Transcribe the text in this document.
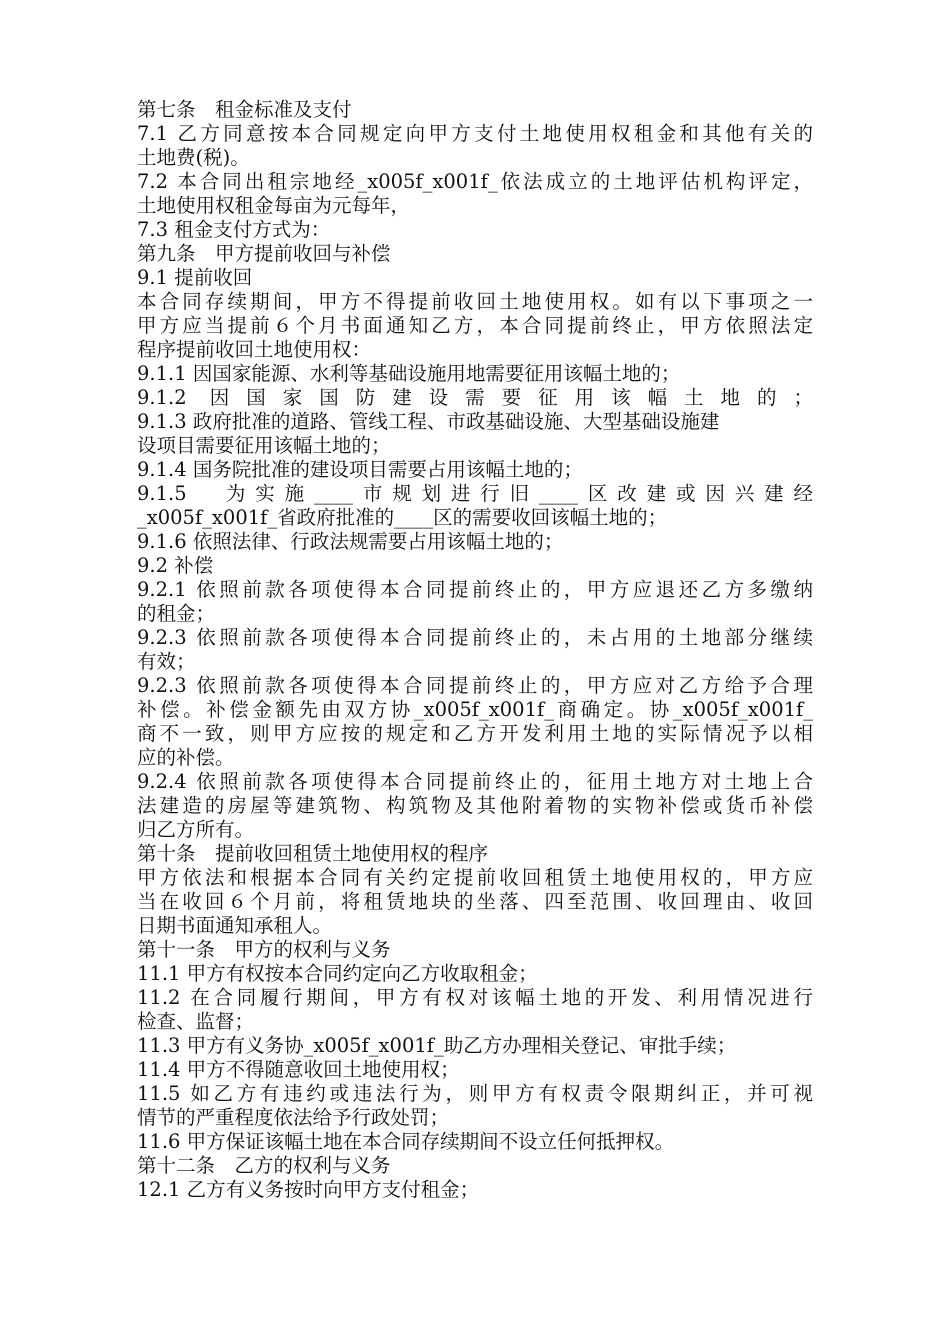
第七条　租金标准及支付
7.1 乙方同意按本合同规定向甲方支付土地使用权租金和其他有关的
土地费(税)。
7.2 本合同出租宗地经_x005f_x001f_依法成立的土地评估机构评定，
土地使用权租金每亩为元每年，
7.3 租金支付方式为：
第九条　甲方提前收回与补偿
9.1 提前收回
本合同存续期间，甲方不得提前收回土地使用权。如有以下事项之一
甲方应当提前６个月书面通知乙方，本合同提前终止，甲方依照法定
程序提前收回土地使用权：
9.1.1 因国家能源、水利等基础设施用地需要征用该幅土地的；
9.1.2 因国家国防建设需要征用该幅土地的；
9.1.3 政府批准的道路、管线工程、市政基础设施、大型基础设施建
设项目需要征用该幅土地的；
9.1.4 国务院批准的建设项目需要占用该幅土地的；
9.1.5　为实施____市规划进行旧____区改建或因兴建经
_x005f_x001f_省政府批准的____区的需要收回该幅土地的；
9.1.6 依照法律、行政法规需要占用该幅土地的；
9.2 补偿
9.2.1 依照前款各项使得本合同提前终止的，甲方应退还乙方多缴纳
的租金；
9.2.3 依照前款各项使得本合同提前终止的，未占用的土地部分继续
有效；
9.2.3 依照前款各项使得本合同提前终止的，甲方应对乙方给予合理
补偿。补偿金额先由双方协_x005f_x001f_商确定。协_x005f_x001f_
商不一致，则甲方应按的规定和乙方开发利用土地的实际情况予以相
应的补偿。
9.2.4 依照前款各项使得本合同提前终止的，征用土地方对土地上合
法建造的房屋等建筑物、构筑物及其他附着物的实物补偿或货币补偿
归乙方所有。
第十条　提前收回租赁土地使用权的程序
甲方依法和根据本合同有关约定提前收回租赁土地使用权的，甲方应
当在收回６个月前，将租赁地块的坐落、四至范围、收回理由、收回
日期书面通知承租人。
第十一条　甲方的权利与义务
11.1 甲方有权按本合同约定向乙方收取租金；
11.2 在合同履行期间，甲方有权对该幅土地的开发、利用情况进行
检查、监督；
11.3 甲方有义务协_x005f_x001f_助乙方办理相关登记、审批手续；
11.4 甲方不得随意收回土地使用权；
11.5 如乙方有违约或违法行为，则甲方有权责令限期纠正，并可视
情节的严重程度依法给予行政处罚；
11.6 甲方保证该幅土地在本合同存续期间不设立任何抵押权。
第十二条　乙方的权利与义务
12.1 乙方有义务按时向甲方支付租金；
